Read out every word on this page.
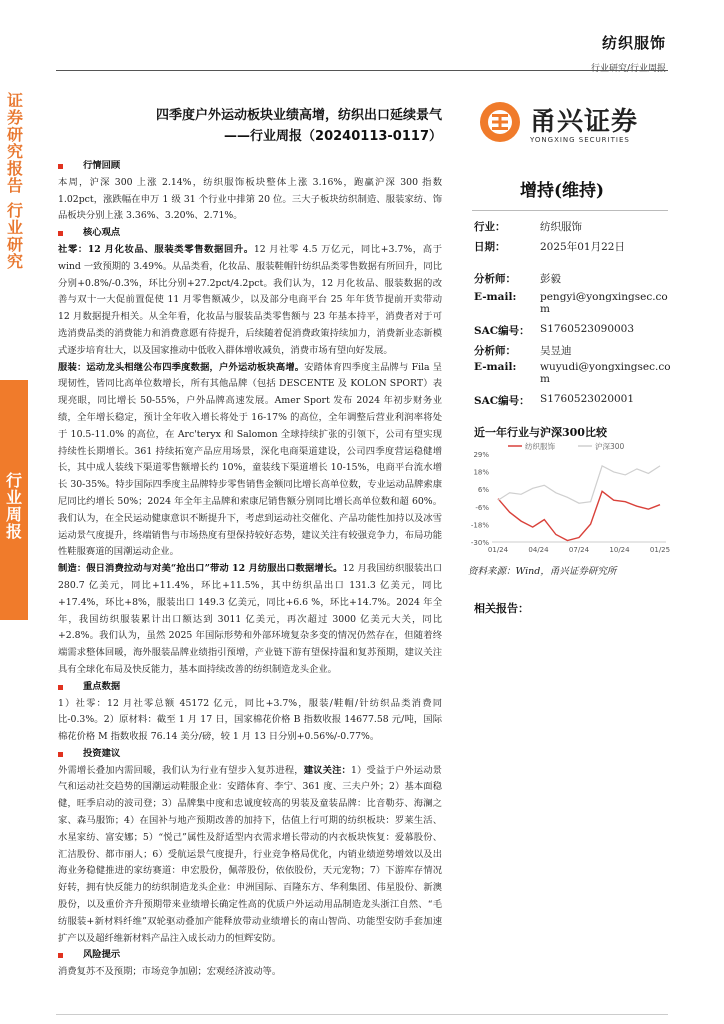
纺织服饰
行业研究/行业周报
证
券
研
究
报
告

行
业
研
究
行
业
周
报
四季度户外运动板块业绩高增，纺织出口延续景气
——行业周报（20240113-0117）	甬兴证券
YONGXING SECURITIES
增持(维持)
行业：	纺织服饰
日期：	2025年01月22日
分析师：	彭毅
E-mail:	pengyi@yongxingsec.com
SAC编号： S1760523090003
分析师：	吴昱迪
E-mail:	wuyudi@yongxingsec.com
SAC编号： S1760523020001
近一年行业与沪深300比较
29%
18%
6%
-6%
-18%
-30%
01/24	04/24	07/24	10/24	01/25
纺织服饰	沪深300
资料来源：Wind，甬兴证券研究所
相关报告：
行情回顾

本周，沪深 300 上涨 2.14%，纺织服饰板块整体上涨 3.16%，跑赢沪深 300 指数 1.02pct，涨跌幅在申万 1 级 31 个行业中排第 20 位。三大子板块纺织制造、服装家纺、饰品板块分别上涨 3.36%、3.20%、2.71%。

核心观点

社零：12 月化妆品、服装类零售数据回升。12 月社零 4.5 万亿元，同比+3.7%，高于 wind 一致预期的 3.49%。从品类看，化妆品、服装鞋帽针纺织品类零售数据有所回升，同比分别+0.8%/-0.3%，环比分别+27.2pct/4.2pct。我们认为，12 月化妆品、服装数据的改善与双十一大促前置促使 11 月零售额减少，以及部分电商平台 25 年年货节提前开卖带动 12 月数据提升相关。从全年看，化妆品与服装品类零售额与 23 年基本持平，消费者对于可选消费品类的消费能力和消费意愿有待提升，后续随着促消费政策持续加力，消费新业态新模式逐步培育壮大，以及国家推动中低收入群体增收减负，消费市场有望向好发展。

服装：运动龙头相继公布四季度数据，户外运动板块高增。安踏体育四季度主品牌与 Fila 呈现韧性，皆同比高单位数增长，所有其他品牌（包括 DESCENTE 及 KOLON SPORT）表现亮眼，同比增长 50-55%，户外品牌高速发展。Amer Sport 发布 2024 年初步财务业绩，全年增长稳定，预计全年收入增长将处于 16-17% 的高位，全年调整后营业利润率将处于 10.5-11.0% 的高位，在 Arc'teryx 和 Salomon 全球持续扩张的引领下，公司有望实现持续性长期增长。361 持续拓宽产品应用场景，深化电商渠道建设，公司四季度营运稳健增长，其中成人装线下渠道零售额增长约 10%，童装线下渠道增长 10-15%，电商平台流水增长 30-35%。特步国际四季度主品牌特步零售销售金额同比增长高单位数，专业运动品牌索康尼同比约增长 50%；2024 年全年主品牌和索康尼销售额分别同比增长高单位数和超 60%。我们认为，在全民运动健康意识不断提升下，考虑到运动社交催化、产品功能性加持以及冰雪运动景气度提升，终端销售与市场热度有望保持较好态势，建议关注有较强竞争力，布局功能性鞋服赛道的国潮运动企业。

制造：假日消费拉动与对美“抢出口”带动 12 月纺服出口数据增长。12 月我国纺织服装出口 280.7 亿美元，同比+11.4%，环比+11.5%，其中纺织品出口 131.3 亿美元，同比+17.4%，环比+8%，服装出口 149.3 亿美元，同比+6.6 %，环比+14.7%。2024 年全年，我国纺织服装累计出口额达到 3011 亿美元，再次超过 3000 亿美元大关，同比+2.8%。我们认为，虽然 2025 年国际形势和外部环境复杂多变的情况仍然存在，但随着终端需求整体回暖，海外服装品牌业绩指引预增，产业链下游有望保持温和复苏预期，建议关注具有全球化布局及快反能力，基本面持续改善的纺织制造龙头企业。

重点数据

1）社零：12 月社零总额 45172 亿元，同比+3.7%，服装/鞋帽/针纺织品类消费同比-0.3%。2）原材料：截至 1 月 17 日，国家棉花价格 B 指数收报 14677.58 元/吨，国际棉花价格 M 指数收报 76.14 美分/磅，较 1 月 13 日分别+0.56%/-0.77%。

投资建议

外需增长叠加内需回暖，我们认为行业有望步入复苏进程，建议关注：1）受益于户外运动景气和运动社交趋势的国潮运动鞋服企业：安踏体育、李宁、361 度、三夫户外；2）基本面稳健，旺季启动的波司登；3）品牌集中度和忠诚度较高的男装及童装品牌：比音勒芬、海澜之家、森马服饰；4）在国补与地产预期改善的加持下，估值上行可期的纺织板块：罗莱生活、水星家纺、富安娜；5）“悦己”属性及舒适型内衣需求增长带动的内衣板块恢复：爱慕股份、汇洁股份、都市丽人；6）受航运景气度提升，行业竞争格局优化，内销业绩逆势增效以及出海业务稳健推进的家纺赛道：申宏股份，佩蒂股份，依依股份，天元宠物；7）下游库存情况好转，拥有快反能力的纺织制造龙头企业：申洲国际、百隆东方、华利集团、伟星股份、新澳股份，以及重价齐升预期带来业绩增长确定性高的优质户外运动用品制造龙头浙江自然、“毛纺服装+新材料纤维”双轮驱动叠加产能释放带动业绩增长的南山智尚、功能型安防手套加速扩产以及超纤维新材料产品注入成长动力的恒辉安防。

风险提示

消费复苏不及预期；市场竞争加剧；宏观经济波动等。
